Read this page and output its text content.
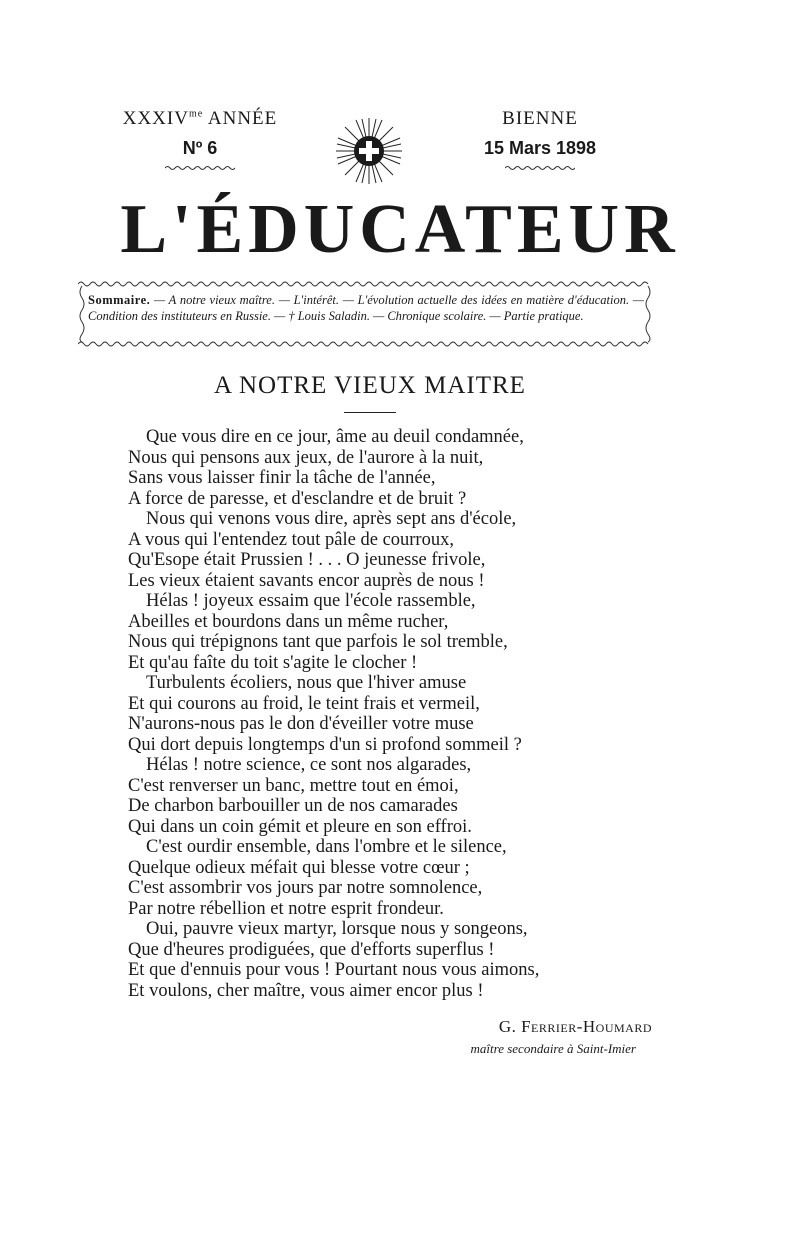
$XXXIV^{me}$ ANNÉE
Nº 6
BIENNE
15 Mars 1898
L'ÉDUCATEUR
Sommaire. — A notre vieux maître. — L'intérêt. — L'évolution actuelle des idées en matière d'éducation. — Condition des instituteurs en Russie. — † Louis Saladin. — Chronique scolaire. — Partie pratique.
A NOTRE VIEUX MAITRE
Que vous dire en ce jour, âme au deuil condamnée,
Nous qui pensons aux jeux, de l'aurore à la nuit,
Sans vous laisser finir la tâche de l'année,
A force de paresse, et d'esclandre et de bruit ?
Nous qui venons vous dire, après sept ans d'école,
A vous qui l'entendez tout pâle de courroux,
Qu'Esope était Prussien ! . . . O jeunesse frivole,
Les vieux étaient savants encor auprès de nous !
Hélas ! joyeux essaim que l'école rassemble,
Abeilles et bourdons dans un même rucher,
Nous qui trépignons tant que parfois le sol tremble,
Et qu'au faîte du toit s'agite le clocher !
Turbulents écoliers, nous que l'hiver amuse
Et qui courons au froid, le teint frais et vermeil,
N'aurons-nous pas le don d'éveiller votre muse
Qui dort depuis longtemps d'un si profond sommeil ?
Hélas ! notre science, ce sont nos algarades,
C'est renverser un banc, mettre tout en émoi,
De charbon barbouiller un de nos camarades
Qui dans un coin gémit et pleure en son effroi.
C'est ourdir ensemble, dans l'ombre et le silence,
Quelque odieux méfait qui blesse votre cœur ;
C'est assombrir vos jours par notre somnolence,
Par notre rébellion et notre esprit frondeur.
Oui, pauvre vieux martyr, lorsque nous y songeons,
Que d'heures prodiguées, que d'efforts superflus !
Et que d'ennuis pour vous ! Pourtant nous vous aimons,
Et voulons, cher maître, vous aimer encor plus !
G. Ferrier-Houmard
maître secondaire à Saint-Imier
